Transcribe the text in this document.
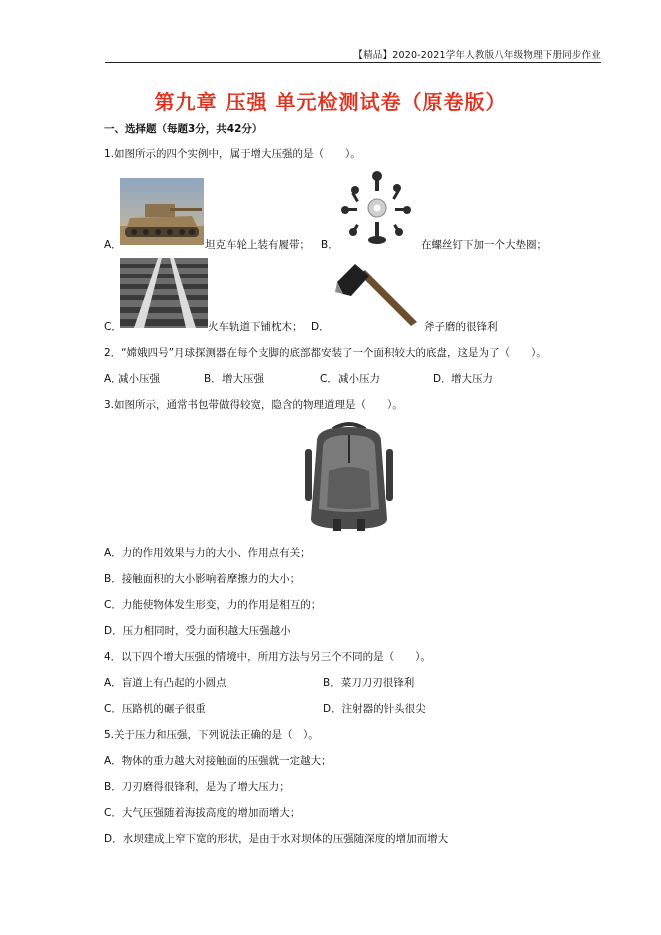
【精品】2020-2021学年人教版八年级物理下册同步作业
第九章 压强 单元检测试卷（原卷版）
一、选择题（每题3分，共42分）
1.如图所示的四个实例中，属于增大压强的是（　　）。
A．	坦克车轮上装有履带； B．	在螺丝钉下加一个大垫圈；
C．	火车轨道下铺枕木； D．	斧子磨的很锋利
2．“嫦娥四号”月球探测器在每个支脚的底部都安装了一个面积较大的底盘，这是为了（　　）。
A．
减小压强	B． 增大压强	C． 减小压力	D． 增大压力
3.如图所示，通常书包带做得较宽，隐含的物理道理是（　　）。
A．力的作用效果与力的大小、作用点有关；
B．接触面积的大小影响着摩擦力的大小；
C．力能使物体发生形变，力的作用是相互的；
D．压力相同时，受力面积越大压强越小
4．以下四个增大压强的情境中，所用方法与另三个不同的是（　　）。
A．盲道上有凸起的小圆点	B．菜刀刀刃很锋利
C．压路机的碾子很重	D．注射器的针头很尖
5.关于压力和压强，下列说法正确的是（　）。
A．物体的重力越大对接触面的压强就一定越大；
B．刀刃磨得很锋利，是为了增大压力；
C．大气压强随着海拔高度的增加而增大；
D．水坝建成上窄下宽的形状，是由于水对坝体的压强随深度的增加而增大
